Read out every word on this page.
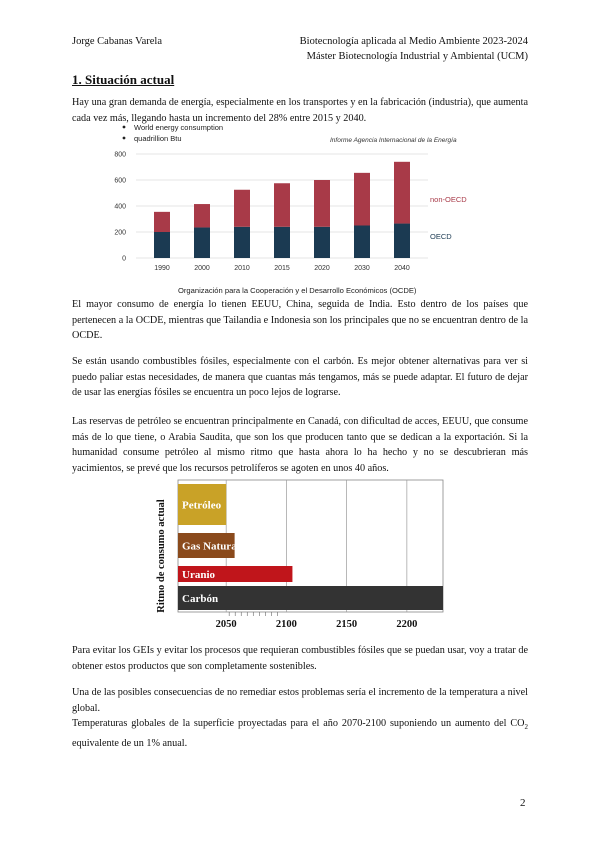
Jorge Cabanas Varela	Biotecnología aplicada al Medio Ambiente 2023-2024
Máster Biotecnología Industrial y Ambiental (UCM)
1. Situación actual
Hay una gran demanda de energía, especialmente en los transportes y en la fabricación (industria), que aumenta cada vez más, llegando hasta un incremento del 28% entre 2015 y 2040.
World energy consumption
quadrillion Btu	Informe Agencia Internacional de la Energía
0
200
400
600
800
1990	2000	2010	2015	2020	2030	2040
non-OECD
OECD
Organización para la Cooperación y el Desarrollo Económicos (OCDE)
El mayor consumo de energía lo tienen EEUU, China, seguida de India. Esto dentro de los países que pertenecen a la OCDE, mientras que Tailandia e Indonesia son los principales que no se encuentran dentro de la OCDE.
Se están usando combustibles fósiles, especialmente con el carbón. Es mejor obtener alternativas para ver si puedo paliar estas necesidades, de manera que cuantas más tengamos, más se puede adaptar. El futuro de dejar de usar las energías fósiles se encuentra un poco lejos de lograrse.
Las reservas de petróleo se encuentran principalmente en Canadá, con dificultad de acces, EEUU, que consume más de lo que tiene, o Arabia Saudita, que son los que producen tanto que se dedican a la exportación. Si la humanidad consume petróleo al mismo ritmo que hasta ahora lo ha hecho y no se descubrieran más yacimientos, se prevé que los recursos petrolíferos se agoten en unos 40 años.
Ritmo de consumo actual Petróleo
Gas Natural
Uranio
Carbón
2050	2100	2150	2200
Para evitar los GEIs y evitar los procesos que requieran combustibles fósiles que se puedan usar, voy a tratar de obtener estos productos que son completamente sostenibles.
Una de las posibles consecuencias de no remediar estos problemas sería el incremento de la temperatura a nivel global.
Temperaturas globales de la superficie proyectadas para el año 2070-2100 suponiendo un aumento del $CO_2$ equivalente de un 1% anual.
2
